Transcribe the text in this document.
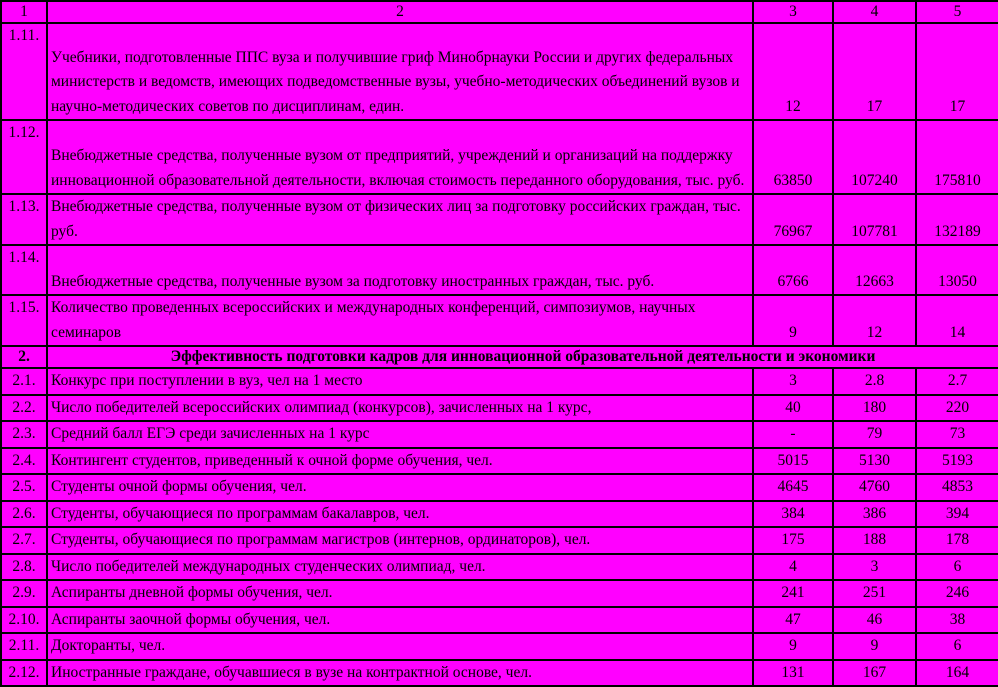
1	2	3	4	5
1.11.	Учебники, подготовленные ППС вуза и получившие гриф Минобрнауки России и других федеральных министерств и ведомств, имеющих подведомственные вузы, учебно-методических объединений вузов и научно-методических советов по дисциплинам, един.	12	17	17
1.12.	Внебюджетные средства, полученные вузом от предприятий, учреждений и организаций на поддержку инновационной образовательной деятельности, включая стоимость переданного оборудования, тыс. руб.	63850	107240	175810
1.13.	Внебюджетные средства, полученные вузом от физических лиц за подготовку российских граждан, тыс. руб.	76967	107781	132189
1.14.	Внебюджетные средства, полученные вузом за подготовку иностранных граждан, тыс. руб.	6766	12663	13050
1.15.	Количество проведенных всероссийских и международных конференций, симпозиумов, научных семинаров	9	12	14
2.	Эффективность подготовки кадров для инновационной образовательной деятельности и экономики			
2.1.	Конкурс при поступлении в вуз, чел на 1 место	3	2.8	2.7
2.2.	Число победителей всероссийских олимпиад (конкурсов), зачисленных на 1 курс,	40	180	220
2.3.	Средний балл ЕГЭ среди зачисленных на 1 курс	-	79	73
2.4.	Контингент студентов, приведенный к очной форме обучения, чел.	5015	5130	5193
2.5.	Студенты очной формы обучения, чел.	4645	4760	4853
2.6.	Студенты, обучающиеся по программам бакалавров, чел.	384	386	394
2.7.	Студенты, обучающиеся по программам магистров (интернов, ординаторов), чел.	175	188	178
2.8.	Число победителей международных студенческих олимпиад, чел.	4	3	6
2.9.	Аспиранты дневной формы обучения, чел.	241	251	246
2.10.	Аспиранты заочной формы обучения, чел.	47	46	38
2.11.	Докторанты, чел.	9	9	6
2.12.	Иностранные граждане, обучавшиеся в вузе на контрактной основе, чел.	131	167	164
